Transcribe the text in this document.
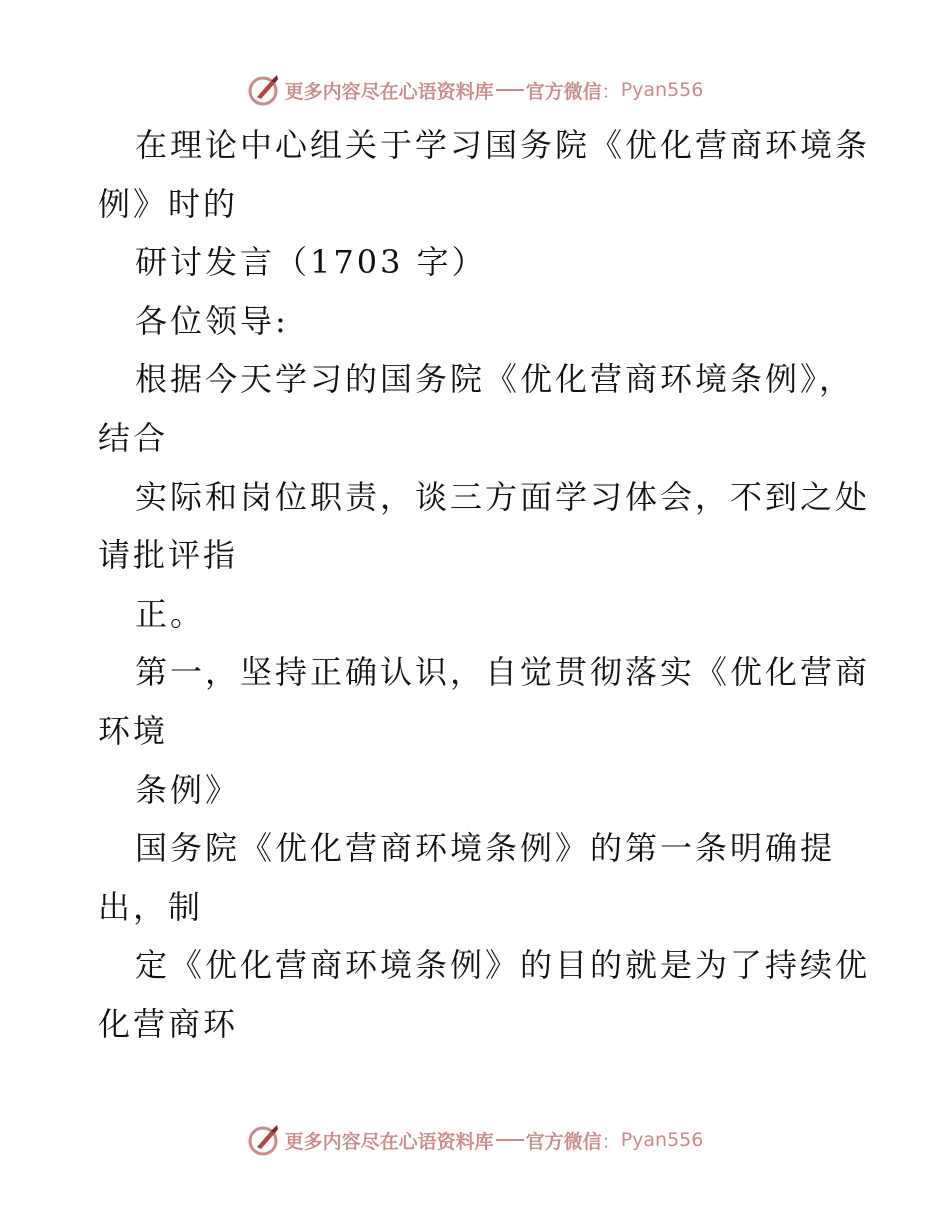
更多内容尽在心语资料库 官方微信 ： Pyan556
在理论中心组关于学习国务院《优化营商环境条
例》时的
研讨发言（1703 字）
各位领导:
根据今天学习的国务院《优化营商环境条例》，
结合
实际和岗位职责，谈三方面学习体会，不到之处
请批评指
正。
第一，坚持正确认识，自觉贯彻落实《优化营商
环境
条例》
国务院《优化营商环境条例》的第一条明确提
出，制
定《优化营商环境条例》的目的就是为了持续优
化营商环
更多内容尽在心语资料库 官方微信 ： Pyan556
